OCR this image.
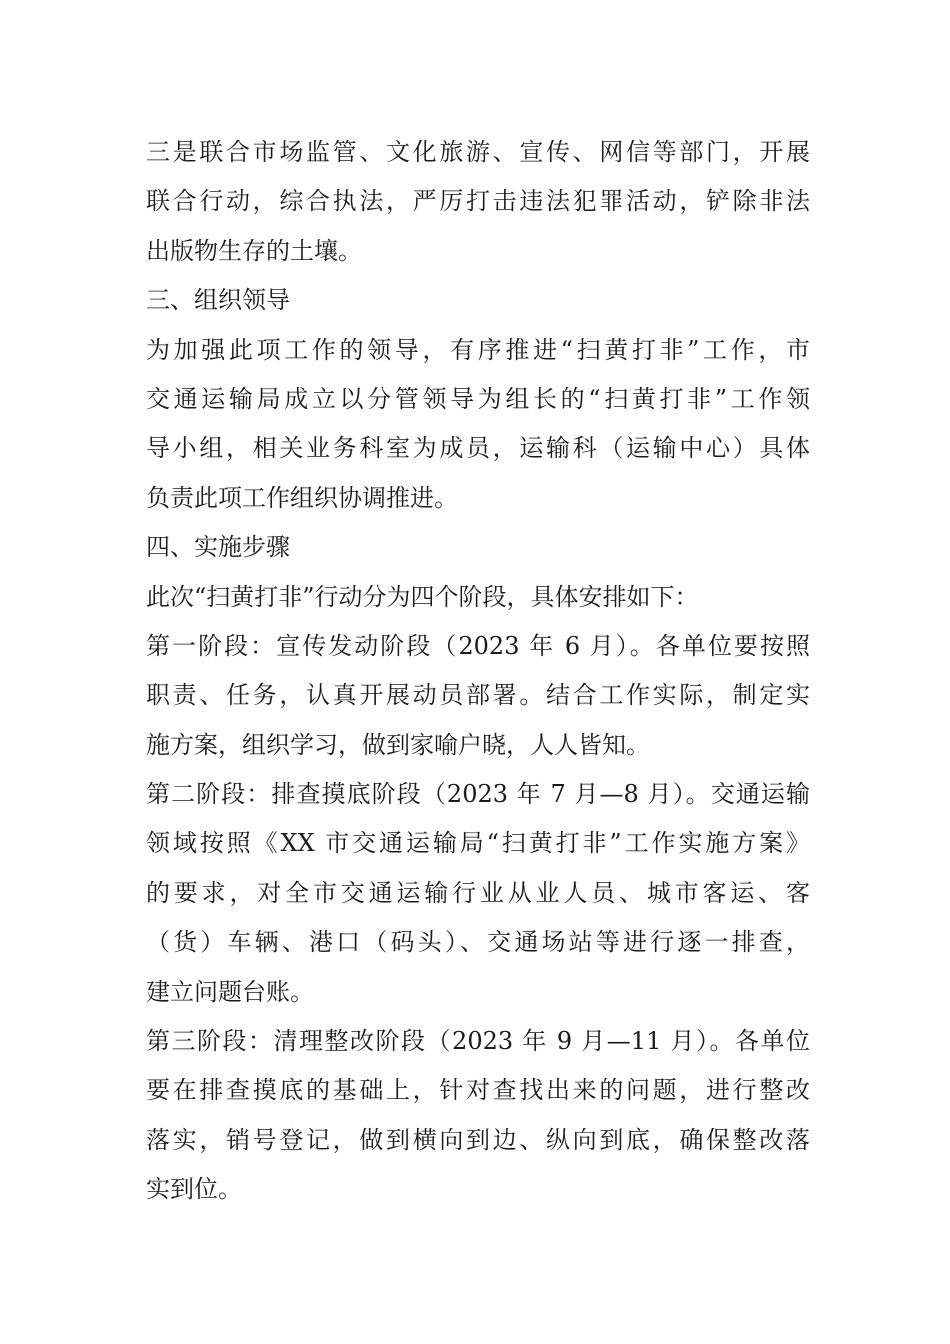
三是联合市场监管、文化旅游、宣传、网信等部门，开展
联合行动，综合执法，严厉打击违法犯罪活动，铲除非法
出版物生存的土壤。
三、组织领导
为加强此项工作的领导，有序推进“扫黄打非”工作，市
交通运输局成立以分管领导为组长的“扫黄打非”工作领
导小组，相关业务科室为成员，运输科（运输中心）具体
负责此项工作组织协调推进。
四、实施步骤
此次“扫黄打非”行动分为四个阶段，具体安排如下：
第一阶段：宣传发动阶段（2023 年 6 月）。各单位要按照
职责、任务，认真开展动员部署。结合工作实际，制定实
施方案，组织学习，做到家喻户晓，人人皆知。
第二阶段：排查摸底阶段（2023 年 7 月—8 月）。交通运输
领域按照《XX 市交通运输局“扫黄打非”工作实施方案》
的要求，对全市交通运输行业从业人员、城市客运、客
（货）车辆、港口（码头）、交通场站等进行逐一排查，
建立问题台账。
第三阶段：清理整改阶段（2023 年 9 月—11 月）。各单位
要在排查摸底的基础上，针对查找出来的问题，进行整改
落实，销号登记，做到横向到边、纵向到底，确保整改落
实到位。
